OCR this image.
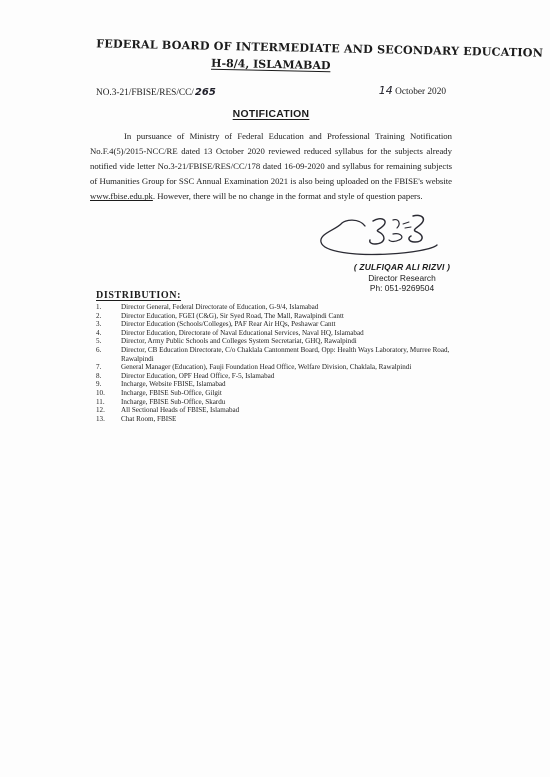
FEDERAL BOARD OF INTERMEDIATE AND SECONDARY EDUCATION
H-8/4, ISLAMABAD
NO.3-21/FBISE/RES/CC/265	14 October 2020
NOTIFICATION

In pursuance of Ministry of Federal Education and Professional Training Notification No.F.4(5)/2015-NCC/RE dated 13 October 2020 reviewed reduced syllabus for the subjects already notified vide letter No.3-21/FBISE/RES/CC/178 dated 16-09-2020 and syllabus for remaining subjects of Humanities Group for SSC Annual Examination 2021 is also being uploaded on the FBISE's website www.fbise.edu.pk. However, there will be no change in the format and style of question papers.

( ZULFIQAR ALI RIZVI )
Director Research
Ph: 051-9269504
DISTRIBUTION:
1.	Director General, Federal Directorate of Education, G-9/4, Islamabad
2.	Director Education, FGEI (C&G), Sir Syed Road, The Mall, Rawalpindi Cantt
3.	Director Education (Schools/Colleges), PAF Rear Air HQs, Peshawar Cantt
4.	Director Education, Directorate of Naval Educational Services, Naval HQ, Islamabad
5.	Director, Army Public Schools and Colleges System Secretariat, GHQ, Rawalpindi
6.	Director, CB Education Directorate, C/o Chaklala Cantonment Board, Opp: Health Ways Laboratory, Murree Road, Rawalpindi
7.	General Manager (Education), Fauji Foundation Head Office, Welfare Division, Chaklala, Rawalpindi
8.	Director Education, OPF Head Office, F-5, Islamabad
9.	Incharge, Website FBISE, Islamabad
10.	Incharge, FBISE Sub-Office, Gilgit
11.	Incharge, FBISE Sub-Office, Skardu
12.	All Sectional Heads of FBISE, Islamabad
13.	Chat Room, FBISE
